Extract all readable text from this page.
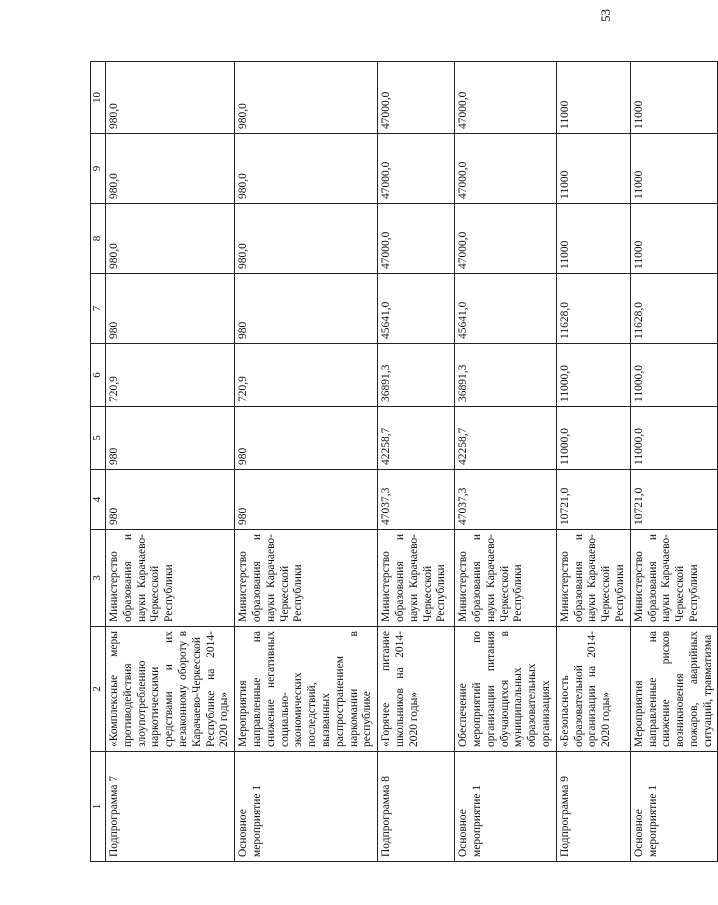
53
1	2	3	4	5	6	7	8	9	10
Подпрограмма 7	«Комплексные меры противодействия злоупотреблению наркотическими средствами и их незаконному обороту в Карачаево-Черкесской Республике на 2014-2020 годы»	Министерство образования и науки Карачаево-Черкесской Республики	980	980	720,9	980	980,0	980,0	980,0
Основное мероприятие 1	Мероприятия направленные на снижение негативных социально-экономических последствий, вызванных распространением наркомании в республике	Министерство образования и науки Карачаево-Черкесской Республики	980	980	720,9	980	980,0	980,0	980,0
Подпрограмма 8	«Горячее питание школьников на 2014-2020 годы»	Министерство образования и науки Карачаево-Черкесской Республики	47037,3	42258,7	36891,3	45641,0	47000,0	47000,0	47000,0
Основное мероприятие 1	Обеспечение мероприятий по организации питания обучающихся в муниципальных образовательных организациях	Министерство образования и науки Карачаево-Черкесской Республики	47037,3	42258,7	36891,3	45641,0	47000,0	47000,0	47000,0
Подпрограмма 9	«Безопасность образовательной организации на 2014-2020 годы»	Министерство образования и науки Карачаево-Черкесской Республики	10721,0	11000,0	11000,0	11628,0	11000	11000	11000
Основное мероприятие 1	Мероприятия направленные на снижение рисков возникновения пожаров, аварийных ситуаций, травматизма	Министерство образования и науки Карачаево-Черкесской Республики	10721,0	11000,0	11000,0	11628,0	11000	11000	11000
